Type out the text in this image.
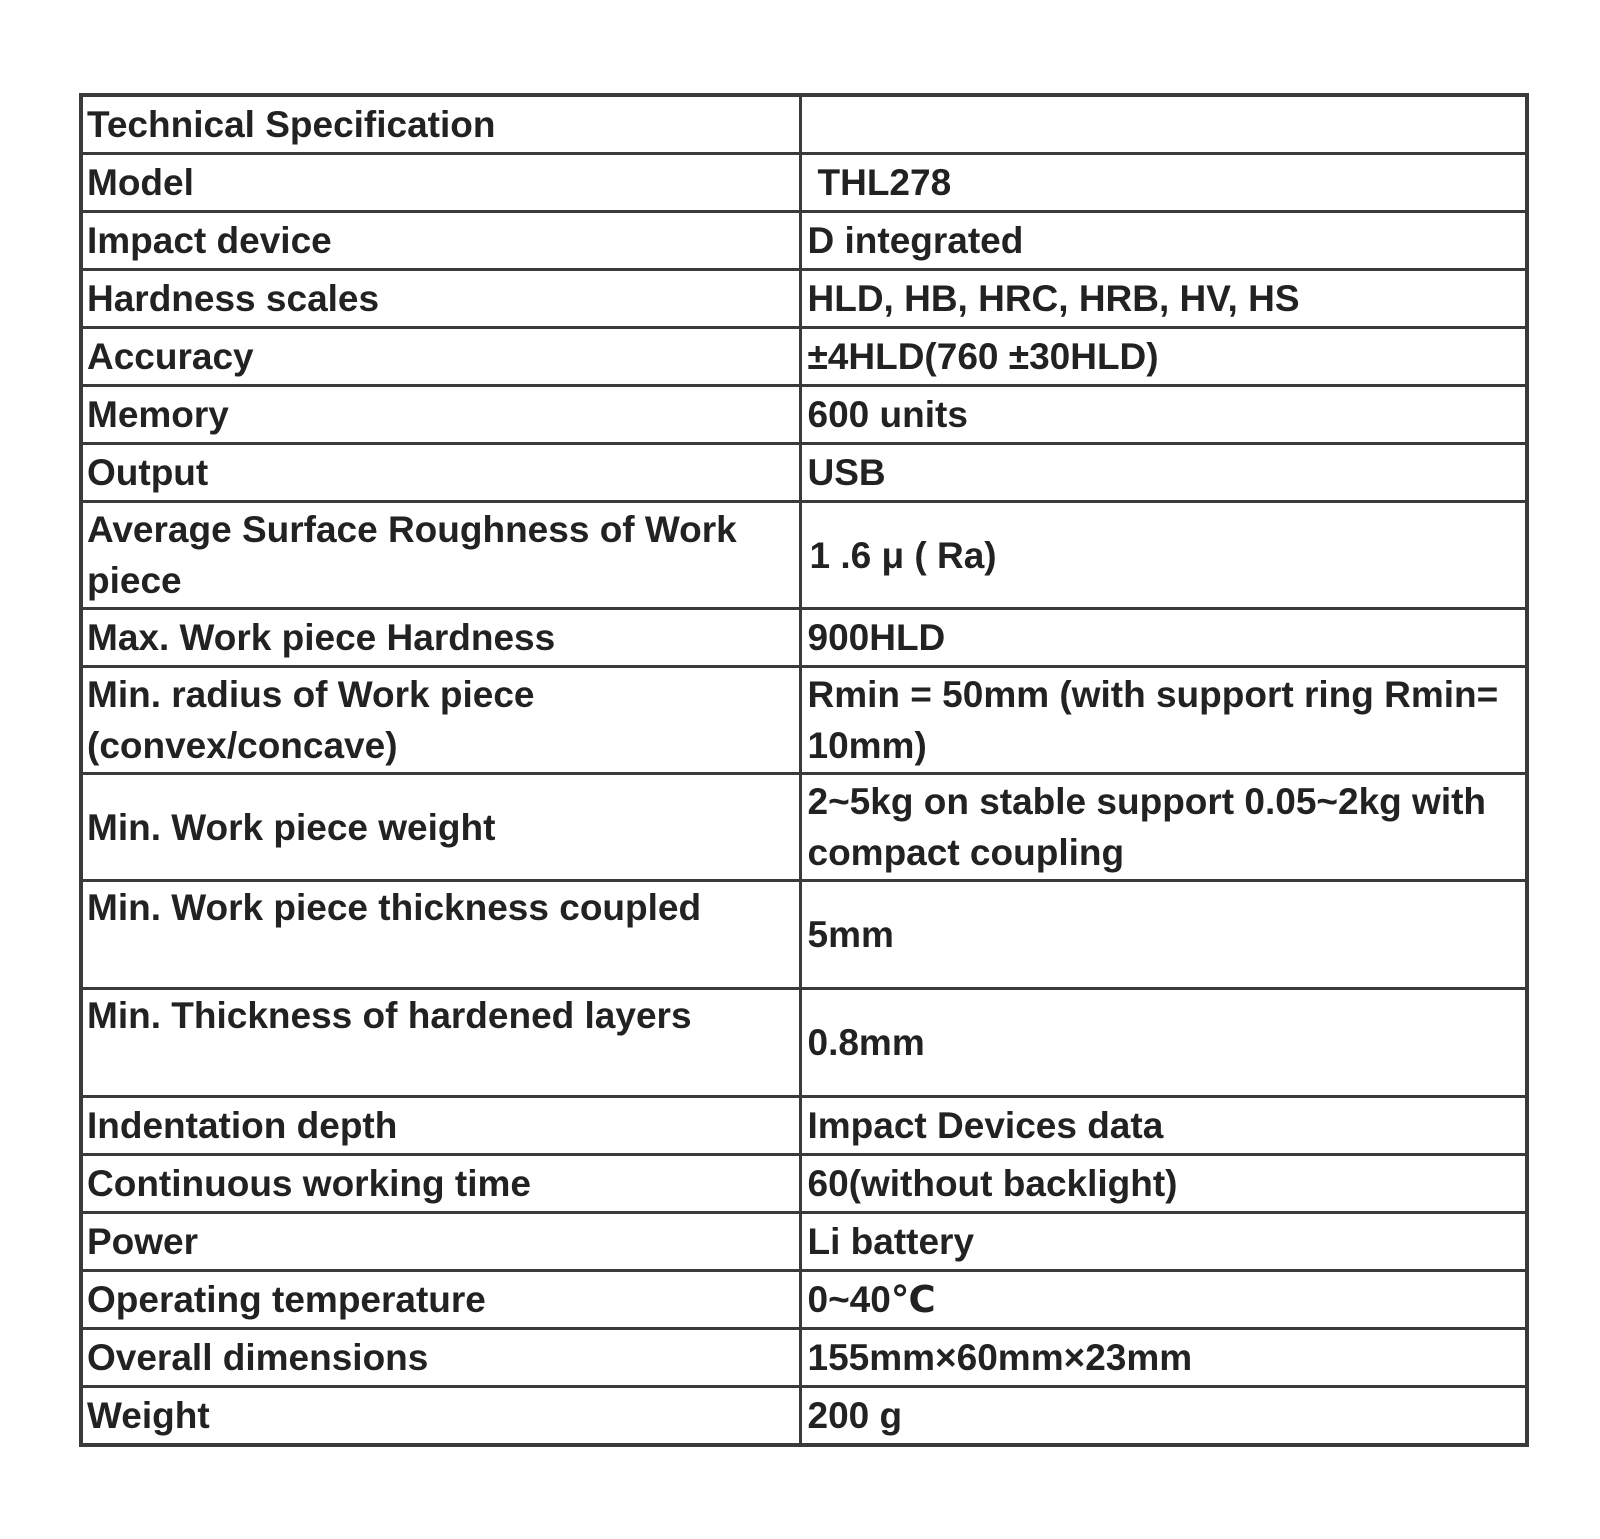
Technical Specification	
Model	THL278
Impact device	D integrated
Hardness scales	HLD, HB, HRC, HRB, HV, HS
Accuracy	±4HLD(760 ±30HLD)
Memory	600 units
Output	USB
Average Surface Roughness of Work piece	1 .6 μ ( Ra)
Max. Work piece Hardness	900HLD
Min. radius of Work piece (convex/concave)	Rmin = 50mm (with support ring Rmin= 10mm)
Min. Work piece weight	2~5kg on stable support 0.05~2kg with compact coupling
Min. Work piece thickness coupled	5mm
Min. Thickness of hardened layers	0.8mm
Indentation depth	Impact Devices data
Continuous working time	60(without backlight)
Power	Li battery
Operating temperature	0~40℃
Overall dimensions	155mm×60mm×23mm
Weight	200 g
